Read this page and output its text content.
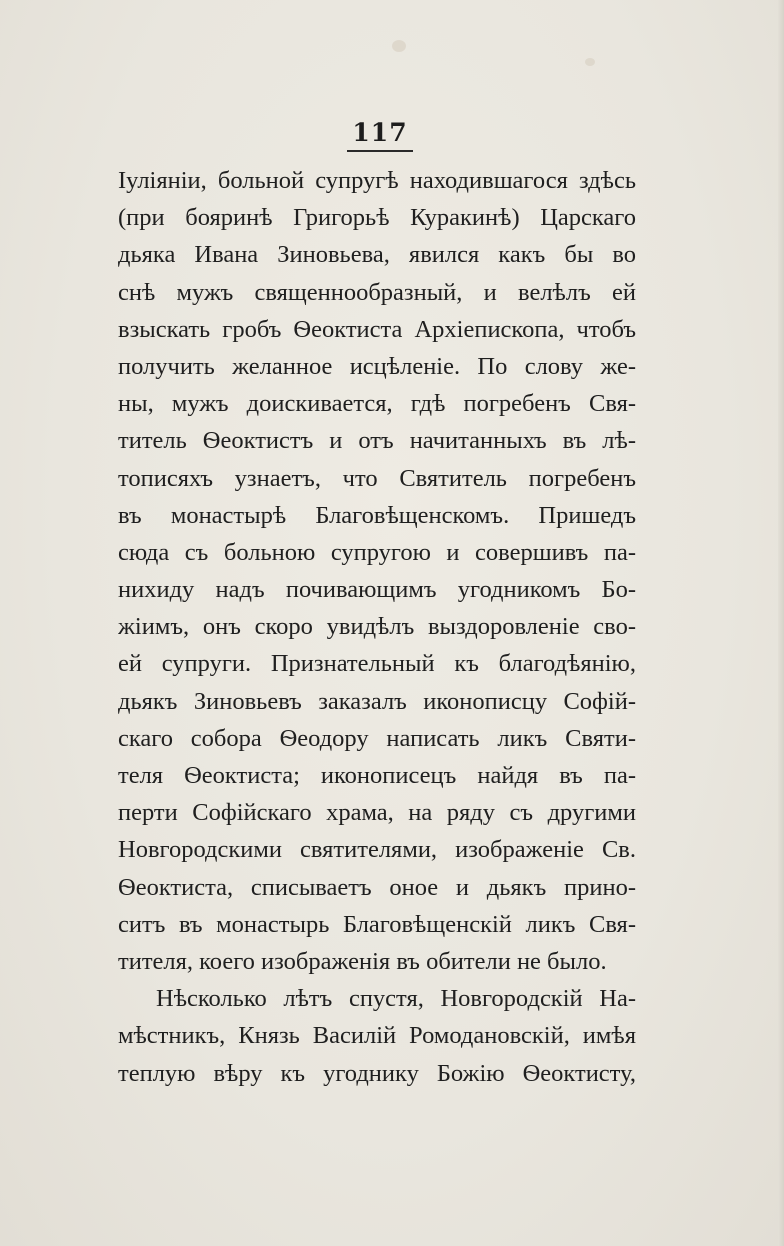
117
Іуліяніи, больной супругѣ находившагося здѣсь
(при бояринѣ Григорьѣ Куракинѣ) Царскаго
дьяка Ивана Зиновьева, явился какъ бы во
снѣ мужъ священнообразный, и велѣлъ ей
взыскать гробъ Ѳеоктиста Архіепископа, чтобъ
получить желанное исцѣленіе. По слову же-
ны, мужъ доискивается, гдѣ погребенъ Свя-
титель Ѳеоктистъ и отъ начитанныхъ въ лѣ-
тописяхъ узнаетъ, что Святитель погребенъ
въ монастырѣ Благовѣщенскомъ. Пришедъ
сюда съ больною супругою и совершивъ па-
нихиду надъ почивающимъ угодникомъ Бо-
жіимъ, онъ скоро увидѣлъ выздоровленіе сво-
ей супруги. Признательный къ благодѣянію,
дьякъ Зиновьевъ заказалъ иконописцу Софій-
скаго собора Ѳеодору написать ликъ Святи-
теля Ѳеоктиста; иконописецъ найдя въ па-
перти Софійскаго храма, на ряду съ другими
Новгородскими святителями, изображеніе Св.
Ѳеоктиста, списываетъ оное и дьякъ прино-
ситъ въ монастырь Благовѣщенскій ликъ Свя-
тителя, коего изображенія въ обители не было.
Нѣсколько лѣтъ спустя, Новгородскій На-
мѣстникъ, Князь Василій Ромодановскій, имѣя
теплую вѣру къ угоднику Божію Ѳеоктисту,
